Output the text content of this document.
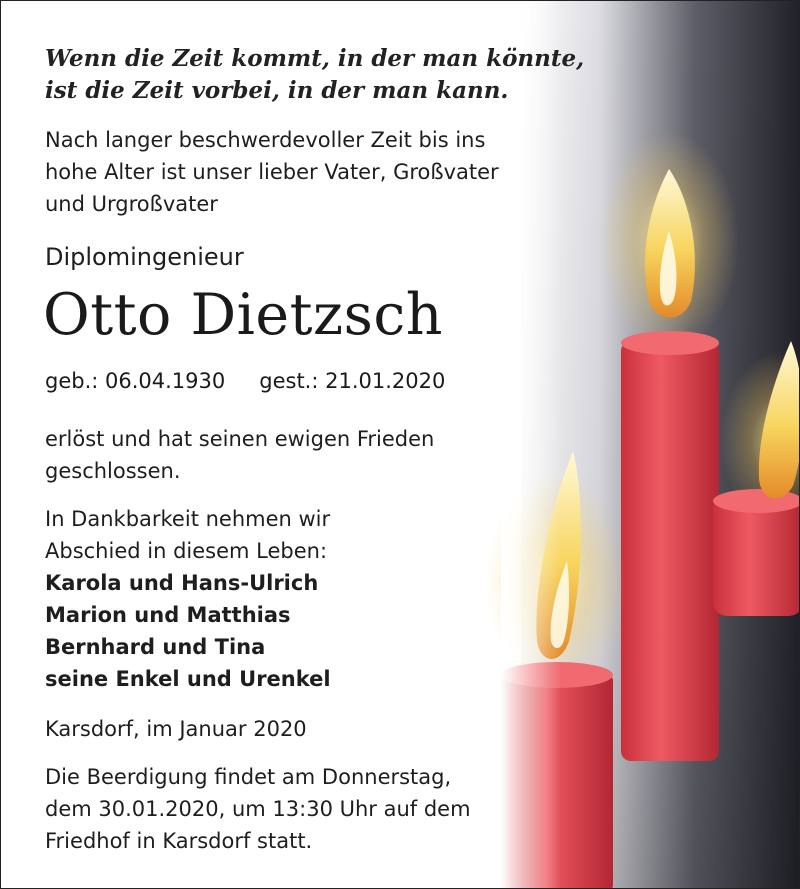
Wenn die Zeit kommt, in der man könnte,
ist die Zeit vorbei, in der man kann.
Nach langer beschwerdevoller Zeit bis ins
hohe Alter ist unser lieber Vater, Großvater
und Urgroßvater
Diplomingenieur
Otto Dietzsch
geb.: 06.04.1930 gest.: 21.01.2020
erlöst und hat seinen ewigen Frieden
geschlossen.
In Dankbarkeit nehmen wir
Abschied in diesem Leben:
Karola und Hans-Ulrich
Marion und Matthias
Bernhard und Tina
seine Enkel und Urenkel
Karsdorf, im Januar 2020
Die Beerdigung findet am Donnerstag,
dem 30.01.2020, um 13:30 Uhr auf dem
Friedhof in Karsdorf statt.
